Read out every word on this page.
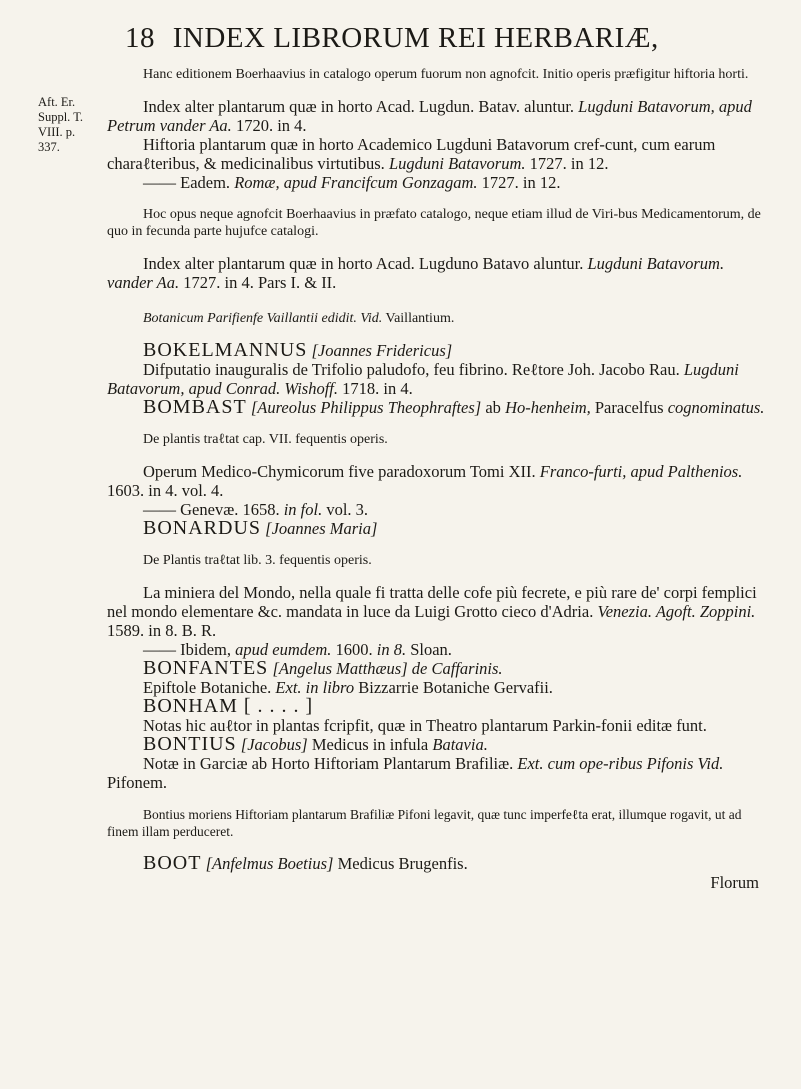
18 INDEX LIBRORUM REI HERBARIÆ,
Aft. Er.
Suppl. T.
VIII. p.
337.

Hanc editionem Boerhaavius in catalogo operum fuorum non agnofcit. Initio operis præfigitur hiftoria horti.

Index alter plantarum quæ in horto Acad. Lugdun. Batav. aluntur. Lugduni Batavorum, apud Petrum vander Aa. 1720. in 4.

Hiftoria plantarum quæ in horto Academico Lugduni Batavorum cref-cunt, cum earum charaℓteribus, & medicinalibus virtutibus. Lugduni Batavorum. 1727. in 12.

—— Eadem. Romæ, apud Francifcum Gonzagam. 1727. in 12.

Hoc opus neque agnofcit Boerhaavius in præfato catalogo, neque etiam illud de Viri-bus Medicamentorum, de quo in fecunda parte hujufce catalogi.

Index alter plantarum quæ in horto Acad. Lugduno Batavo aluntur. Lugduni Batavorum. vander Aa. 1727. in 4. Pars I. & II.

Botanicum Parifienfe Vaillantii edidit. Vid. Vaillantium.

BOKELMANNUS [Joannes Fridericus]

Difputatio inauguralis de Trifolio paludofo, feu fibrino. Reℓtore Joh. Jacobo Rau. Lugduni Batavorum, apud Conrad. Wishoff. 1718. in 4.

BOMBAST [Aureolus Philippus Theophraftes] ab Ho-henheim, Paracelfus cognominatus.

De plantis traℓtat cap. VII. fequentis operis.

Operum Medico-Chymicorum five paradoxorum Tomi XII. Franco-furti, apud Palthenios. 1603. in 4. vol. 4.

—— Genevæ. 1658. in fol. vol. 3.

BONARDUS [Joannes Maria]

De Plantis traℓtat lib. 3. fequentis operis.

La miniera del Mondo, nella quale fi tratta delle cofe più fecrete, e più rare de' corpi femplici nel mondo elementare &c. mandata in luce da Luigi Grotto cieco d'Adria. Venezia. Agoft. Zoppini. 1589. in 8. B. R.

—— Ibidem, apud eumdem. 1600. in 8. Sloan.

BONFANTES [Angelus Matthæus] de Caffarinis.

Epiftole Botaniche. Ext. in libro Bizzarrie Botaniche Gervafii.

BONHAM [ . . . . ]

Notas hic auℓtor in plantas fcripfit, quæ in Theatro plantarum Parkin-fonii editæ funt.

BONTIUS [Jacobus] Medicus in infula Batavia.

Notæ in Garciæ ab Horto Hiftoriam Plantarum Brafiliæ. Ext. cum ope-ribus Pifonis Vid. Pifonem.

Bontius moriens Hiftoriam plantarum Brafiliæ Pifoni legavit, quæ tunc imperfeℓta erat, illumque rogavit, ut ad finem illam perduceret.

BOOT [Anfelmus Boetius] Medicus Brugenfis.

Florum
